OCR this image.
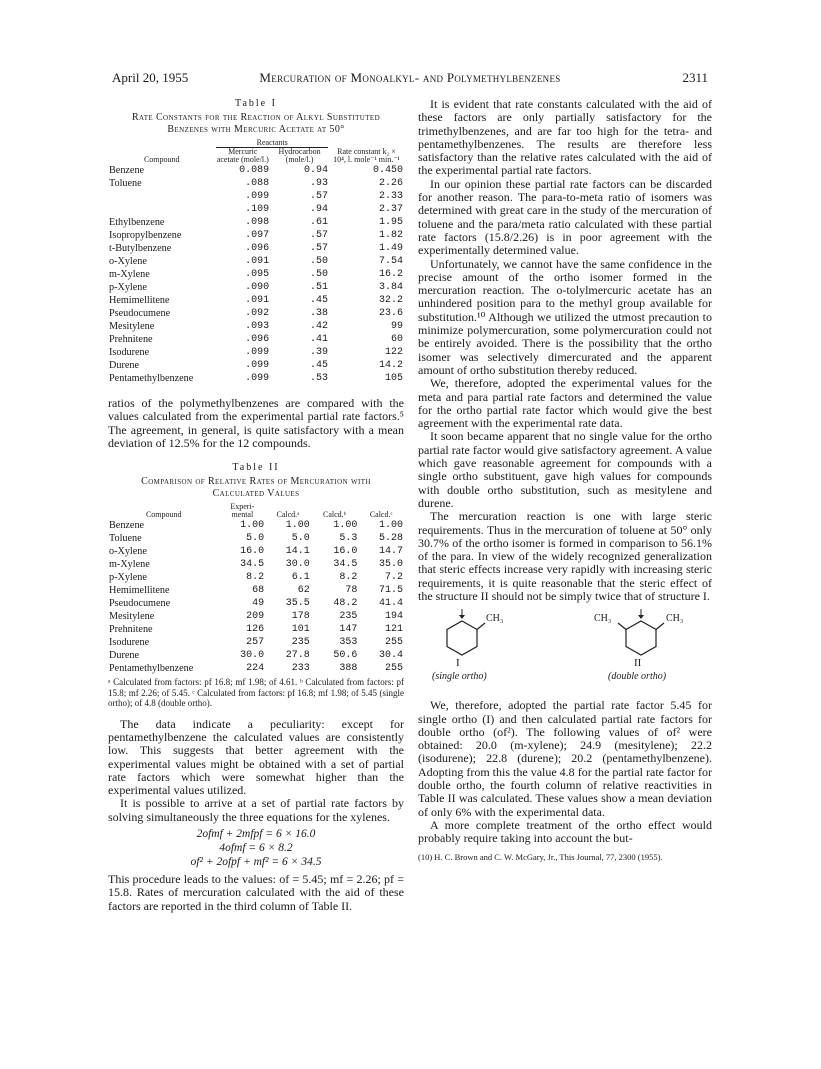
April 20, 1955	Mercuration of Monoalkyl- and Polymethylbenzenes	2311
Table I
Rate Constants for the Reaction of Alkyl Substituted
Benzenes with Mercuric Acetate at 50°

	Reactants		

Compound	Mercuric acetate (mole/l.)	Hydrocarbon (mole/l.)	Rate constant k₂ × 10⁴, l. mole⁻¹ min.⁻¹
Benzene	0.089	0.94	0.450
Toluene	.088	.93	2.26
	.099	.57	2.33
	.109	.94	2.37
Ethylbenzene	.098	.61	1.95
Isopropylbenzene	.097	.57	1.82
t-Butylbenzene	.096	.57	1.49
o-Xylene	.091	.50	7.54
m-Xylene	.095	.50	16.2
p-Xylene	.090	.51	3.84
Hemimellitene	.091	.45	32.2
Pseudocumene	.092	.38	23.6
Mesitylene	.093	.42	99
Prehnitene	.096	.41	60
Isodurene	.099	.39	122
Durene	.099	.45	14.2
Pentamethylbenzene	.099	.53	105

ratios of the polymethylbenzenes are compared with the values calculated from the experimental partial rate factors.⁵ The agreement, in general, is quite satisfactory with a mean deviation of 12.5% for the 12 compounds.

Table II
Comparison of Relative Rates of Mercuration with
Calculated Values
Compound	Experi-mental	Calcd.ᵃ	Calcd.ᵇ	Calcd.ᶜ
Benzene	1.00	1.00	1.00	1.00
Toluene	5.0	5.0	5.3	5.28
o-Xylene	16.0	14.1	16.0	14.7
m-Xylene	34.5	30.0	34.5	35.0
p-Xylene	8.2	6.1	8.2	7.2
Hemimellitene	68	62	78	71.5
Pseudocumene	49	35.5	48.2	41.4
Mesitylene	209	178	235	194
Prehnitene	126	101	147	121
Isodurene	257	235	353	255
Durene	30.0	27.8	50.6	30.4
Pentamethylbenzene	224	233	388	255

ᵃ Calculated from factors: pf 16.8; mf 1.98; of 4.61. ᵇ Calculated from factors: pf 15.8; mf 2.26; of 5.45. ᶜ Calculated from factors: pf 16.8; mf 1.98; of 5.45 (single ortho); of 4.8 (double ortho).

The data indicate a peculiarity: except for pentamethylbenzene the calculated values are consistently low. This suggests that better agreement with the experimental values might be obtained with a set of partial rate factors which were somewhat higher than the experimental values utilized.

It is possible to arrive at a set of partial rate factors by solving simultaneously the three equations for the xylenes.

2ofmf + 2mfpf = 6 × 16.0
4ofmf = 6 × 8.2
of² + 2ofpf + mf² = 6 × 34.5

This procedure leads to the values: of = 5.45; mf = 2.26; pf = 15.8. Rates of mercuration calculated with the aid of these factors are reported in the third column of Table II.

It is evident that rate constants calculated with the aid of these factors are only partially satisfactory for the trimethylbenzenes, and are far too high for the tetra- and pentamethylbenzenes. The results are therefore less satisfactory than the relative rates calculated with the aid of the experimental partial rate factors.

In our opinion these partial rate factors can be discarded for another reason. The para-to-meta ratio of isomers was determined with great care in the study of the mercuration of toluene and the para/meta ratio calculated with these partial rate factors (15.8/2.26) is in poor agreement with the experimentally determined value.

Unfortunately, we cannot have the same confidence in the precise amount of the ortho isomer formed in the mercuration reaction. The o-tolylmercuric acetate has an unhindered position para to the methyl group available for substitution.¹⁰ Although we utilized the utmost precaution to minimize polymercuration, some polymercuration could not be entirely avoided. There is the possibility that the ortho isomer was selectively dimercurated and the apparent amount of ortho substitution thereby reduced.

We, therefore, adopted the experimental values for the meta and para partial rate factors and determined the value for the ortho partial rate factor which would give the best agreement with the experimental rate data.

It soon became apparent that no single value for the ortho partial rate factor would give satisfactory agreement. A value which gave reasonable agreement for compounds with a single ortho substituent, gave high values for compounds with double ortho substitution, such as mesitylene and durene.

The mercuration reaction is one with large steric requirements. Thus in the mercuration of toluene at 50° only 30.7% of the ortho isomer is formed in comparison to 56.1% of the para. In view of the widely recognized generalization that steric effects increase very rapidly with increasing steric requirements, it is quite reasonable that the steric effect of the structure II should not be simply twice that of structure I.

CH₃
I
(single ortho)
CH₃	CH₃
II
(double ortho)

We, therefore, adopted the partial rate factor 5.45 for single ortho (I) and then calculated partial rate factors for double ortho (of²). The following values of of² were obtained: 20.0 (m-xylene); 24.9 (mesitylene); 22.2 (isodurene); 22.8 (durene); 20.2 (pentamethylbenzene). Adopting from this the value 4.8 for the partial rate factor for double ortho, the fourth column of relative reactivities in Table II was calculated. These values show a mean deviation of only 6% with the experimental data.

A more complete treatment of the ortho effect would probably require taking into account the but-

(10) H. C. Brown and C. W. McGary, Jr., This Journal, 77, 2300 (1955).
